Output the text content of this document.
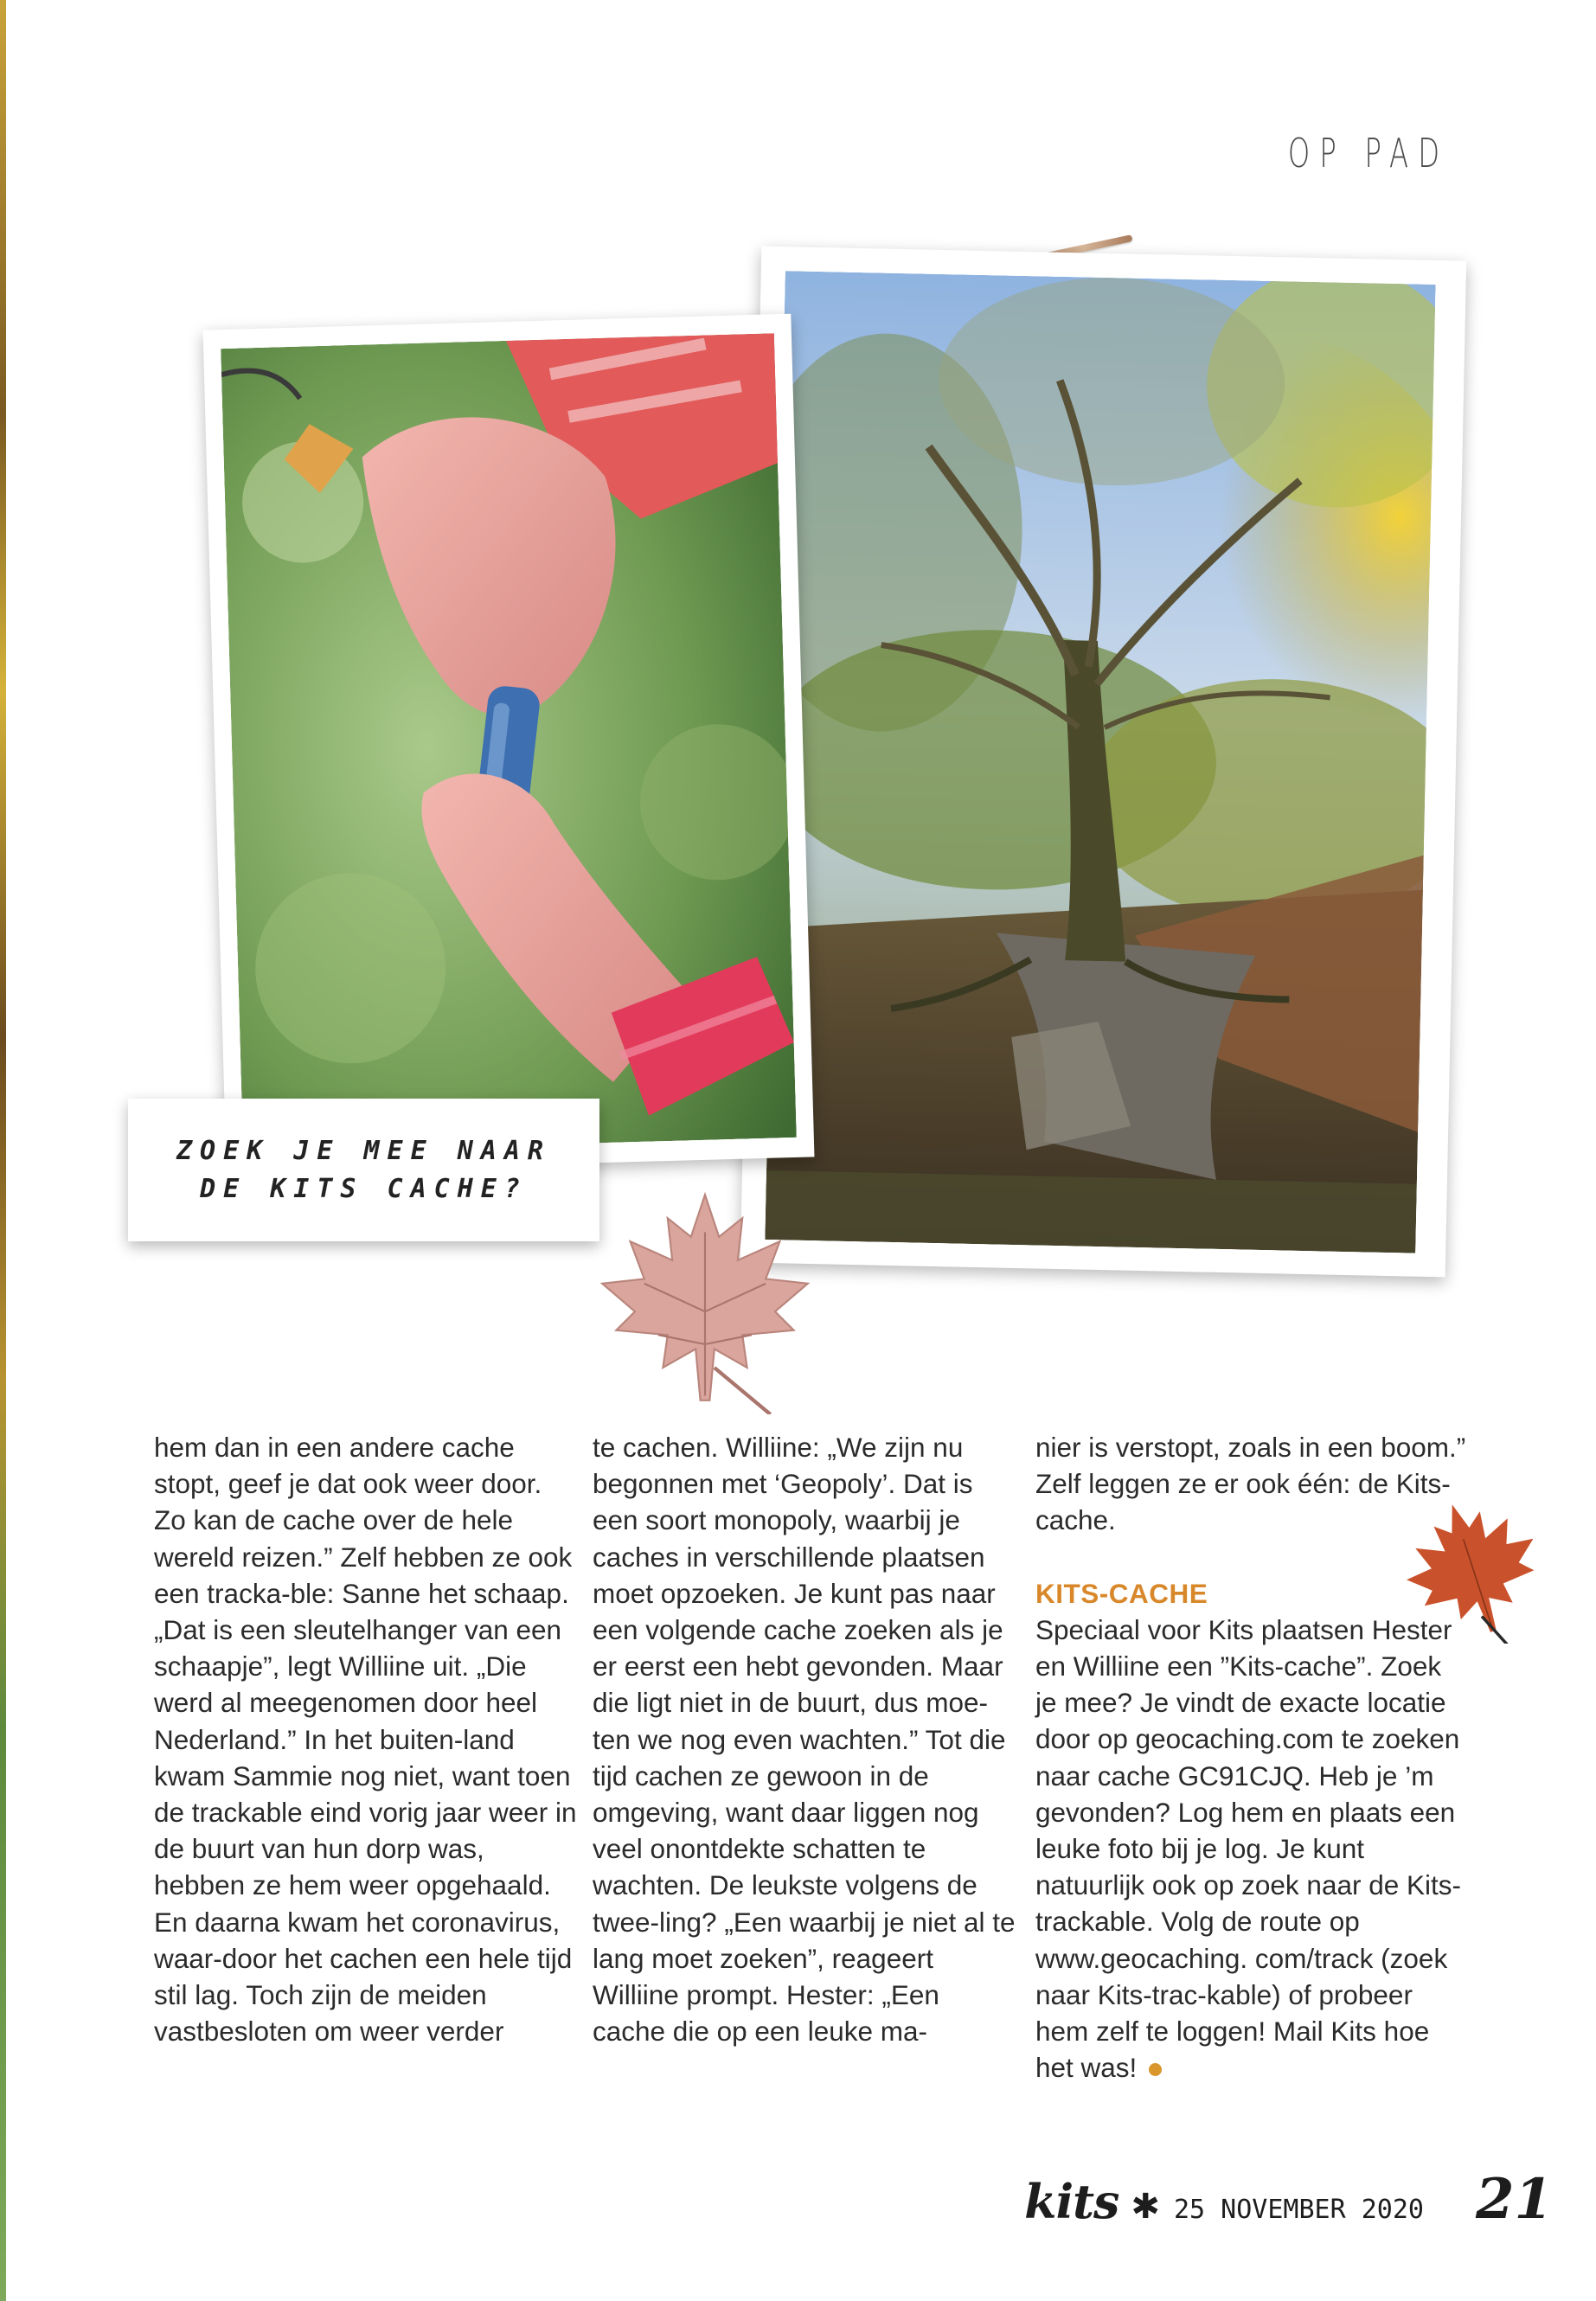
OP PAD
ZOEK JE MEE NAAR DE KITS CACHE?

hem dan in een andere cache stopt, geef je dat ook weer door. Zo kan de cache over de hele wereld reizen.” Zelf hebben ze ook een tracka-ble: Sanne het schaap. „Dat is een sleutelhanger van een schaapje”, legt Williine uit. „Die werd al meegenomen door heel Nederland.” In het buiten-land kwam Sammie nog niet, want toen de trackable eind vorig jaar weer in de buurt van hun dorp was, hebben ze hem weer opgehaald. En daarna kwam het coronavirus, waar-door het cachen een hele tijd stil lag. Toch zijn de meiden vastbesloten om weer verder

te cachen. Williine: „We zijn nu begonnen met ‘Geopoly’. Dat is een soort monopoly, waarbij je caches in verschillende plaatsen moet opzoeken. Je kunt pas naar een volgende cache zoeken als je er eerst een hebt gevonden. Maar die ligt niet in de buurt, dus moe-ten we nog even wachten.” Tot die tijd cachen ze gewoon in de omgeving, want daar liggen nog veel onontdekte schatten te wachten. De leukste volgens de twee-ling? „Een waarbij je niet al te lang moet zoeken”, reageert Williine prompt. Hester: „Een cache die op een leuke ma-

nier is verstopt, zoals in een boom.” Zelf leggen ze er ook één: de Kits-cache.

KITS-CACHE

Speciaal voor Kits plaatsen Hester en Williine een ”Kits-cache”. Zoek je mee? Je vindt de exacte locatie door op geocaching.com te zoeken naar cache GC91CJQ. Heb je ’m gevonden? Log hem en plaats een leuke foto bij je log. Je kunt natuurlijk ook op zoek naar de Kits-trackable. Volg de route op www.geocaching. com/track (zoek naar Kits-trac-kable) of probeer hem zelf te loggen! Mail Kits hoe het was!

kits ✱ 25 NOVEMBER 2020 21
